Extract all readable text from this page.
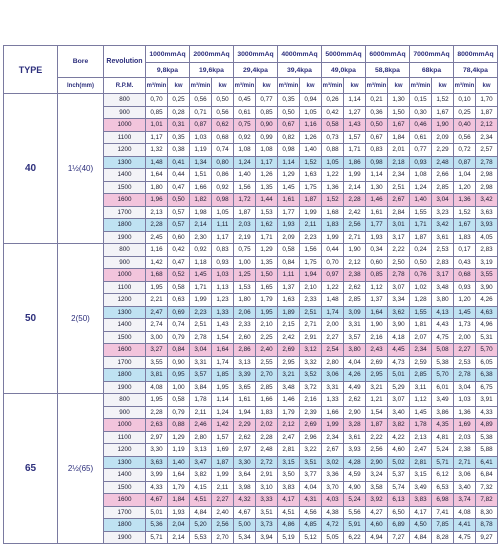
TYPE	Bore	Revolution	1000mmAq		2000mmAq		3000mmAq		4000mmAq		5000mmAq		6000mmAq		7000mmAq		8000mmAq	
			9,8kpa		19,6kpa		29,4kpa		39,4kpa		49,0kpa		58,8kpa		68kpa		78,4kpa	
	Inch(mm)	R.P.M.	m³/min	kw	m³/min	kw	m³/min	kw	m³/min	kw	m³/min	kw	m³/min	kw	m³/min	kw	m³/min	kw
40	1½(40)	800	0,70	0,25	0,56	0,50	0,45	0,77	0,35	0,94	0,26	1,14	0,21	1,30	0,15	1,52	0,10	1,70
		900	0,85	0,28	0,71	0,56	0,61	0,85	0,50	1,05	0,42	1,27	0,36	1,50	0,30	1,67	0,25	1,87
		1000	1,01	0,31	0,87	0,62	0,75	0,90	0,67	1,16	0,58	1,43	0,50	1,67	0,46	1,90	0,40	2,12
		1100	1,17	0,35	1,03	0,68	0,92	0,99	0,82	1,26	0,73	1,57	0,67	1,84	0,61	2,09	0,56	2,34
		1200	1,32	0,38	1,19	0,74	1,08	1,08	0,98	1,40	0,88	1,71	0,83	2,01	0,77	2,29	0,72	2,57
		1300	1,48	0,41	1,34	0,80	1,24	1,17	1,14	1,52	1,05	1,86	0,98	2,18	0,93	2,48	0,87	2,78
		1400	1,64	0,44	1,51	0,86	1,40	1,26	1,29	1,63	1,22	1,99	1,14	2,34	1,08	2,66	1,04	2,98
		1500	1,80	0,47	1,66	0,92	1,56	1,35	1,45	1,75	1,36	2,14	1,30	2,51	1,24	2,85	1,20	2,98
		1600	1,96	0,50	1,82	0,98	1,72	1,44	1,61	1,87	1,52	2,28	1,46	2,67	1,40	3,04	1,36	3,42
		1700	2,13	0,57	1,98	1,05	1,87	1,53	1,77	1,99	1,68	2,42	1,61	2,84	1,55	3,23	1,52	3,63
		1800	2,28	0,57	2,14	1,11	2,03	1,62	1,93	2,11	1,83	2,56	1,77	3,01	1,71	3,42	1,67	3,93
		1900	2,45	0,60	2,30	1,17	2,19	1,71	2,09	2,23	1,99	2,71	1,93	3,17	1,87	3,61	1,83	4,05
50	2(50)	800	1,16	0,42	0,92	0,83	0,75	1,29	0,58	1,56	0,44	1,90	0,34	2,22	0,24	2,53	0,17	2,83
		900	1,42	0,47	1,18	0,93	1,00	1,35	0,84	1,75	0,70	2,12	0,60	2,50	0,50	2,83	0,43	3,19
		1000	1,68	0,52	1,45	1,03	1,25	1,50	1,11	1,94	0,97	2,38	0,85	2,78	0,76	3,17	0,68	3,55
		1100	1,95	0,58	1,71	1,13	1,53	1,65	1,37	2,10	1,22	2,62	1,12	3,07	1,02	3,48	0,93	3,90
		1200	2,21	0,63	1,99	1,23	1,80	1,79	1,63	2,33	1,48	2,85	1,37	3,34	1,28	3,80	1,20	4,26
		1300	2,47	0,69	2,23	1,33	2,06	1,95	1,89	2,51	1,74	3,09	1,64	3,62	1,55	4,13	1,45	4,63
		1400	2,74	0,74	2,51	1,43	2,33	2,10	2,15	2,71	2,00	3,31	1,90	3,90	1,81	4,43	1,73	4,96
		1500	3,00	0,79	2,78	1,54	2,60	2,25	2,42	2,91	2,27	3,57	2,16	4,18	2,07	4,75	2,00	5,31
		1600	3,27	0,84	3,04	1,64	2,86	2,40	2,69	3,12	2,54	3,80	2,43	4,45	2,34	5,08	2,27	5,70
		1700	3,55	0,90	3,31	1,74	3,13	2,55	2,95	3,32	2,80	4,04	2,69	4,73	2,59	5,38	2,53	6,05
		1800	3,81	0,95	3,57	1,85	3,39	2,70	3,21	3,52	3,06	4,26	2,95	5,01	2,85	5,70	2,78	6,38
		1900	4,08	1,00	3,84	1,95	3,65	2,85	3,48	3,72	3,31	4,49	3,21	5,29	3,11	6,01	3,04	6,75
65	2½(65)	800	1,95	0,58	1,78	1,14	1,61	1,66	1,46	2,16	1,33	2,62	1,21	3,07	1,12	3,49	1,03	3,91
		900	2,28	0,79	2,11	1,24	1,94	1,83	1,79	2,39	1,66	2,90	1,54	3,40	1,45	3,86	1,36	4,33
		1000	2,63	0,88	2,46	1,42	2,29	2,02	2,12	2,69	1,99	3,28	1,87	3,82	1,78	4,35	1,69	4,89
		1100	2,97	1,29	2,80	1,57	2,62	2,28	2,47	2,96	2,34	3,61	2,22	4,22	2,13	4,81	2,03	5,38
		1200	3,30	1,19	3,13	1,69	2,97	2,48	2,81	3,22	2,67	3,93	2,56	4,60	2,47	5,24	2,38	5,88
		1300	3,63	1,40	3,47	1,87	3,30	2,72	3,15	3,51	3,02	4,28	2,90	5,02	2,81	5,71	2,71	6,41
		1400	3,99	1,64	3,82	1,99	3,64	2,91	3,50	3,77	3,36	4,59	3,24	5,37	3,15	6,12	3,06	6,84
		1500	4,33	1,79	4,15	2,11	3,98	3,10	3,83	4,04	3,70	4,90	3,58	5,74	3,49	6,53	3,40	7,32
		1600	4,67	1,84	4,51	2,27	4,32	3,33	4,17	4,31	4,03	5,24	3,92	6,13	3,83	6,98	3,74	7,82
		1700	5,01	1,93	4,84	2,40	4,67	3,51	4,51	4,56	4,38	5,56	4,27	6,50	4,17	7,41	4,08	8,30
		1800	5,36	2,04	5,20	2,56	5,00	3,73	4,86	4,85	4,72	5,91	4,60	6,89	4,50	7,85	4,41	8,78
		1900	5,71	2,14	5,53	2,70	5,34	3,94	5,19	5,12	5,05	6,22	4,94	7,27	4,84	8,28	4,75	9,27
